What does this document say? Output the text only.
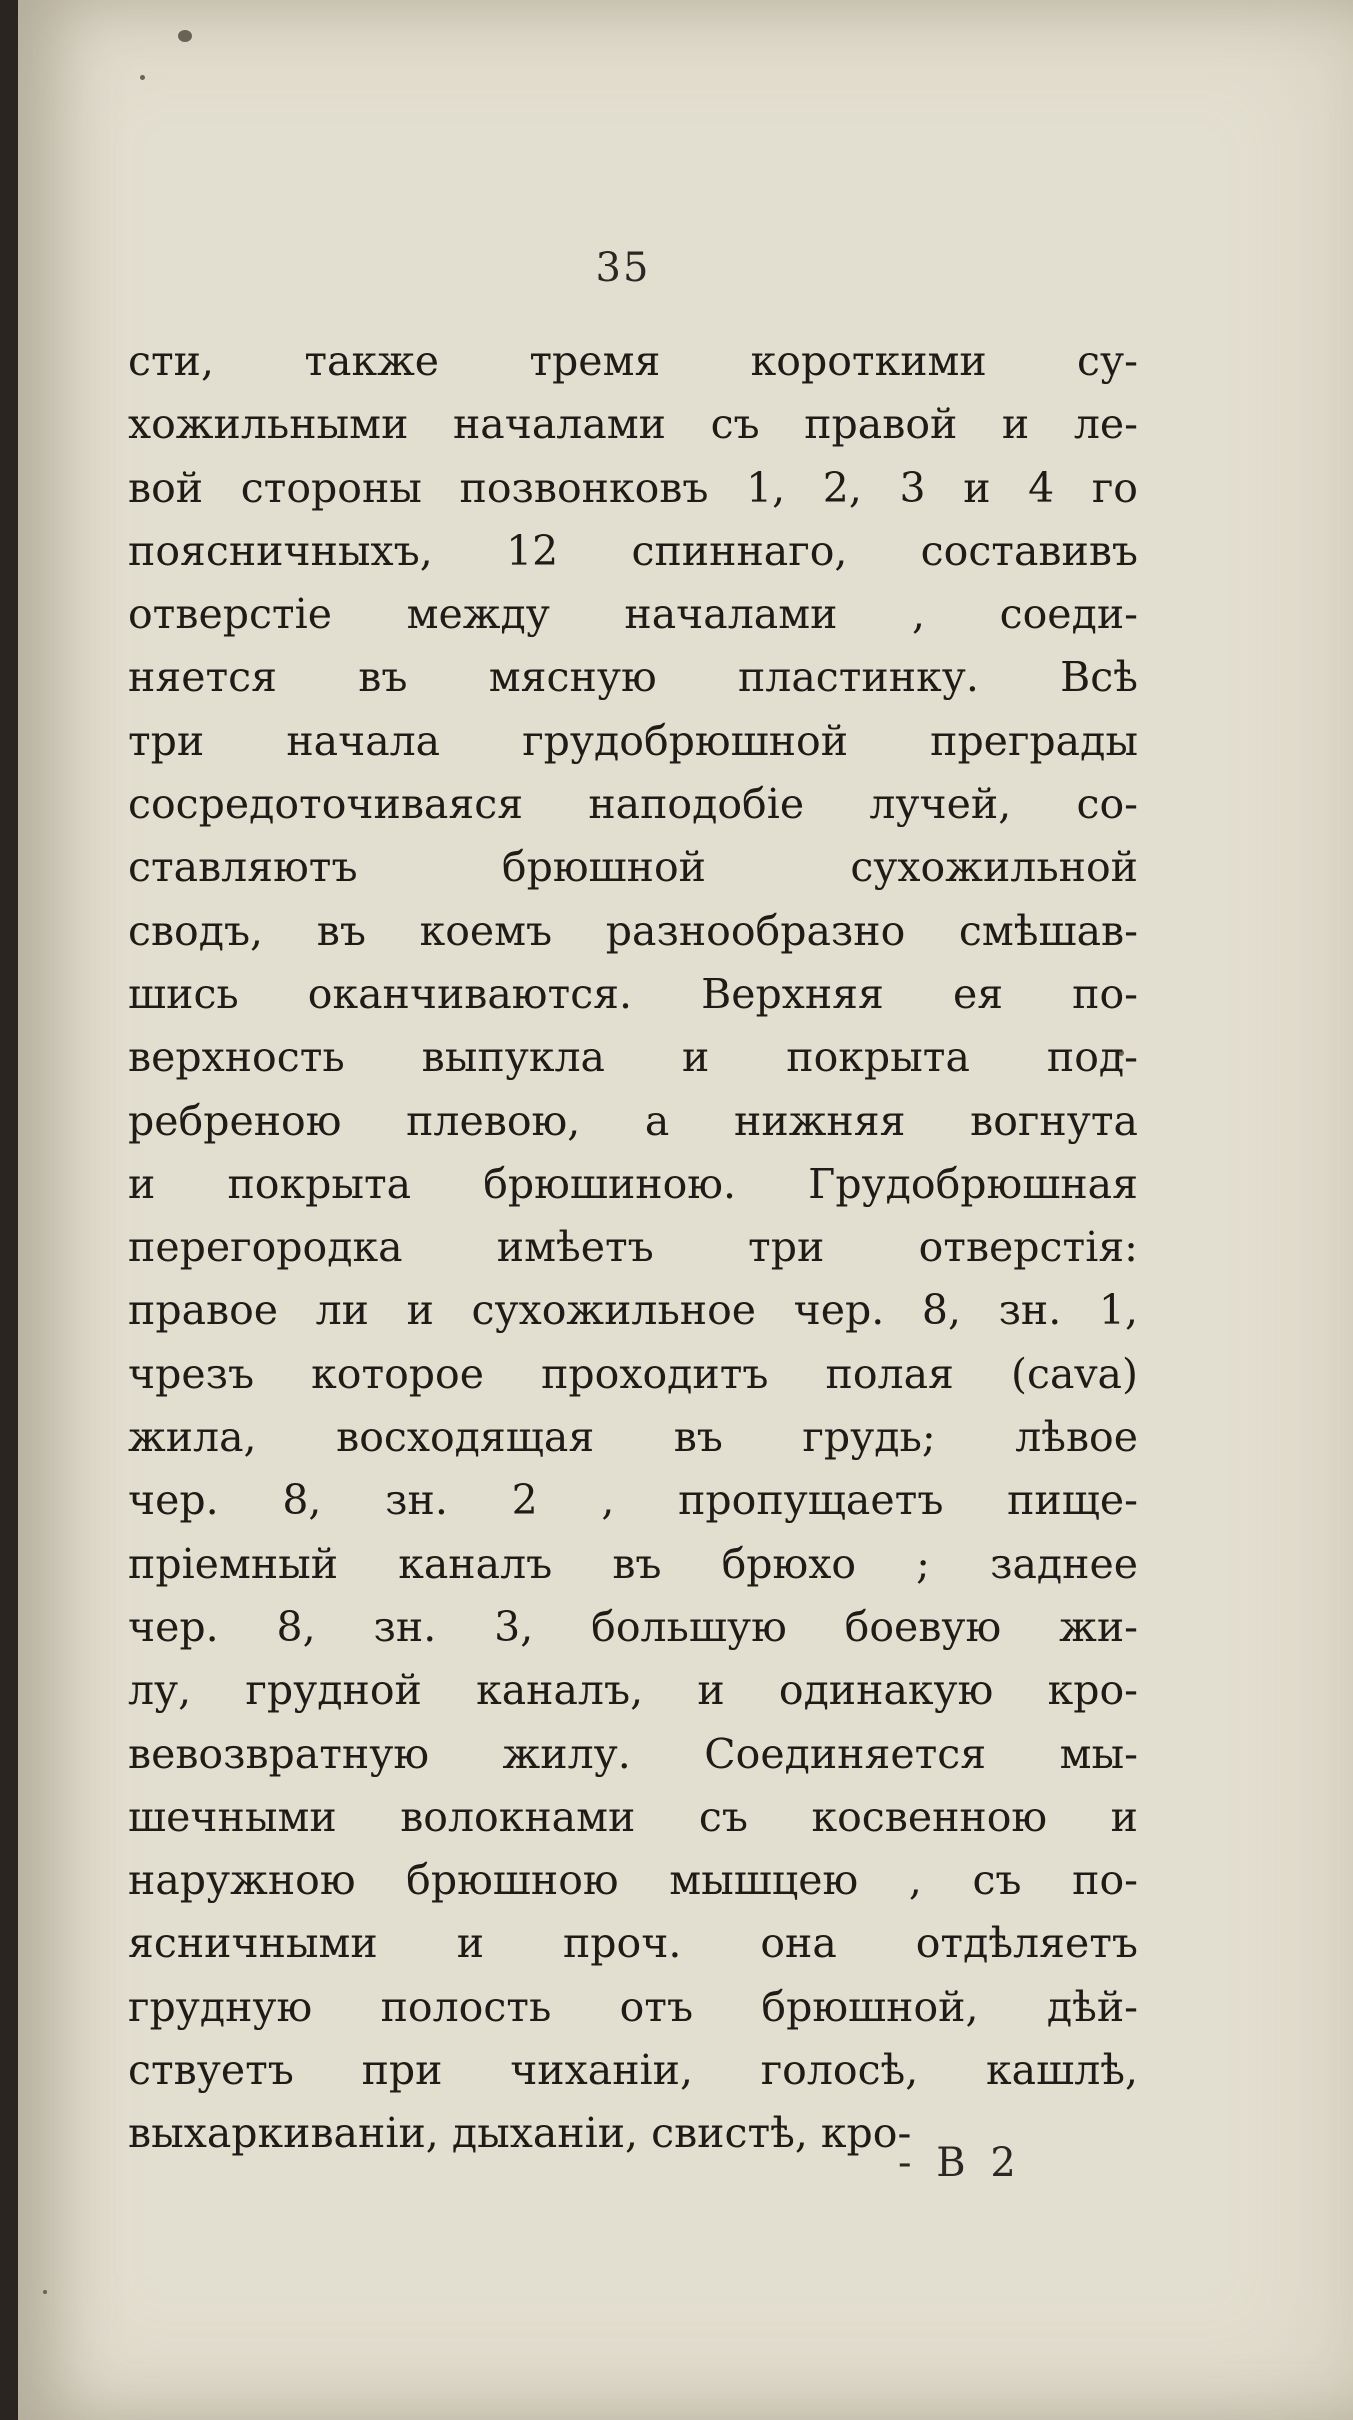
35
сти, также тремя короткими су-
хожильными началами съ правой и ле-
вой стороны позвонковъ 1, 2, 3 и 4 го
поясничныхъ, 12 спиннаго, составивъ
отверстіе между началами , соеди-
няется въ мясную пластинку. Всѣ
три начала грудобрюшной преграды
сосредоточиваяся наподобіе лучей, со-
ставляютъ брюшной сухожильной
сводъ, въ коемъ разнообразно смѣшав-
шись оканчиваются. Верхняя ея по-
верхность выпукла и покрыта под-
ребреною плевою, а нижняя вогнута
и покрыта брюшиною. Грудобрюшная
перегородка имѣетъ три отверстія:
правое ли и сухожильное чер. 8, зн. 1,
чрезъ которое проходитъ полая (cava)
жила, восходящая въ грудь; лѣвое
чер. 8, зн. 2 , пропущаетъ пище-
пріемный каналъ въ брюхо ; заднее
чер. 8, зн. 3, большую боевую жи-
лу, грудной каналъ, и одинакую кро-
вевозвратную жилу. Соединяется мы-
шечными волокнами съ косвенною и
наружною брюшною мышцею , съ по-
ясничными и проч. она отдѣляетъ
грудную полость отъ брюшной, дѣй-
ствуетъ при чиханіи, голосѣ, кашлѣ,
выхаркиваніи, дыханіи, свистѣ, кро-
- В 2
